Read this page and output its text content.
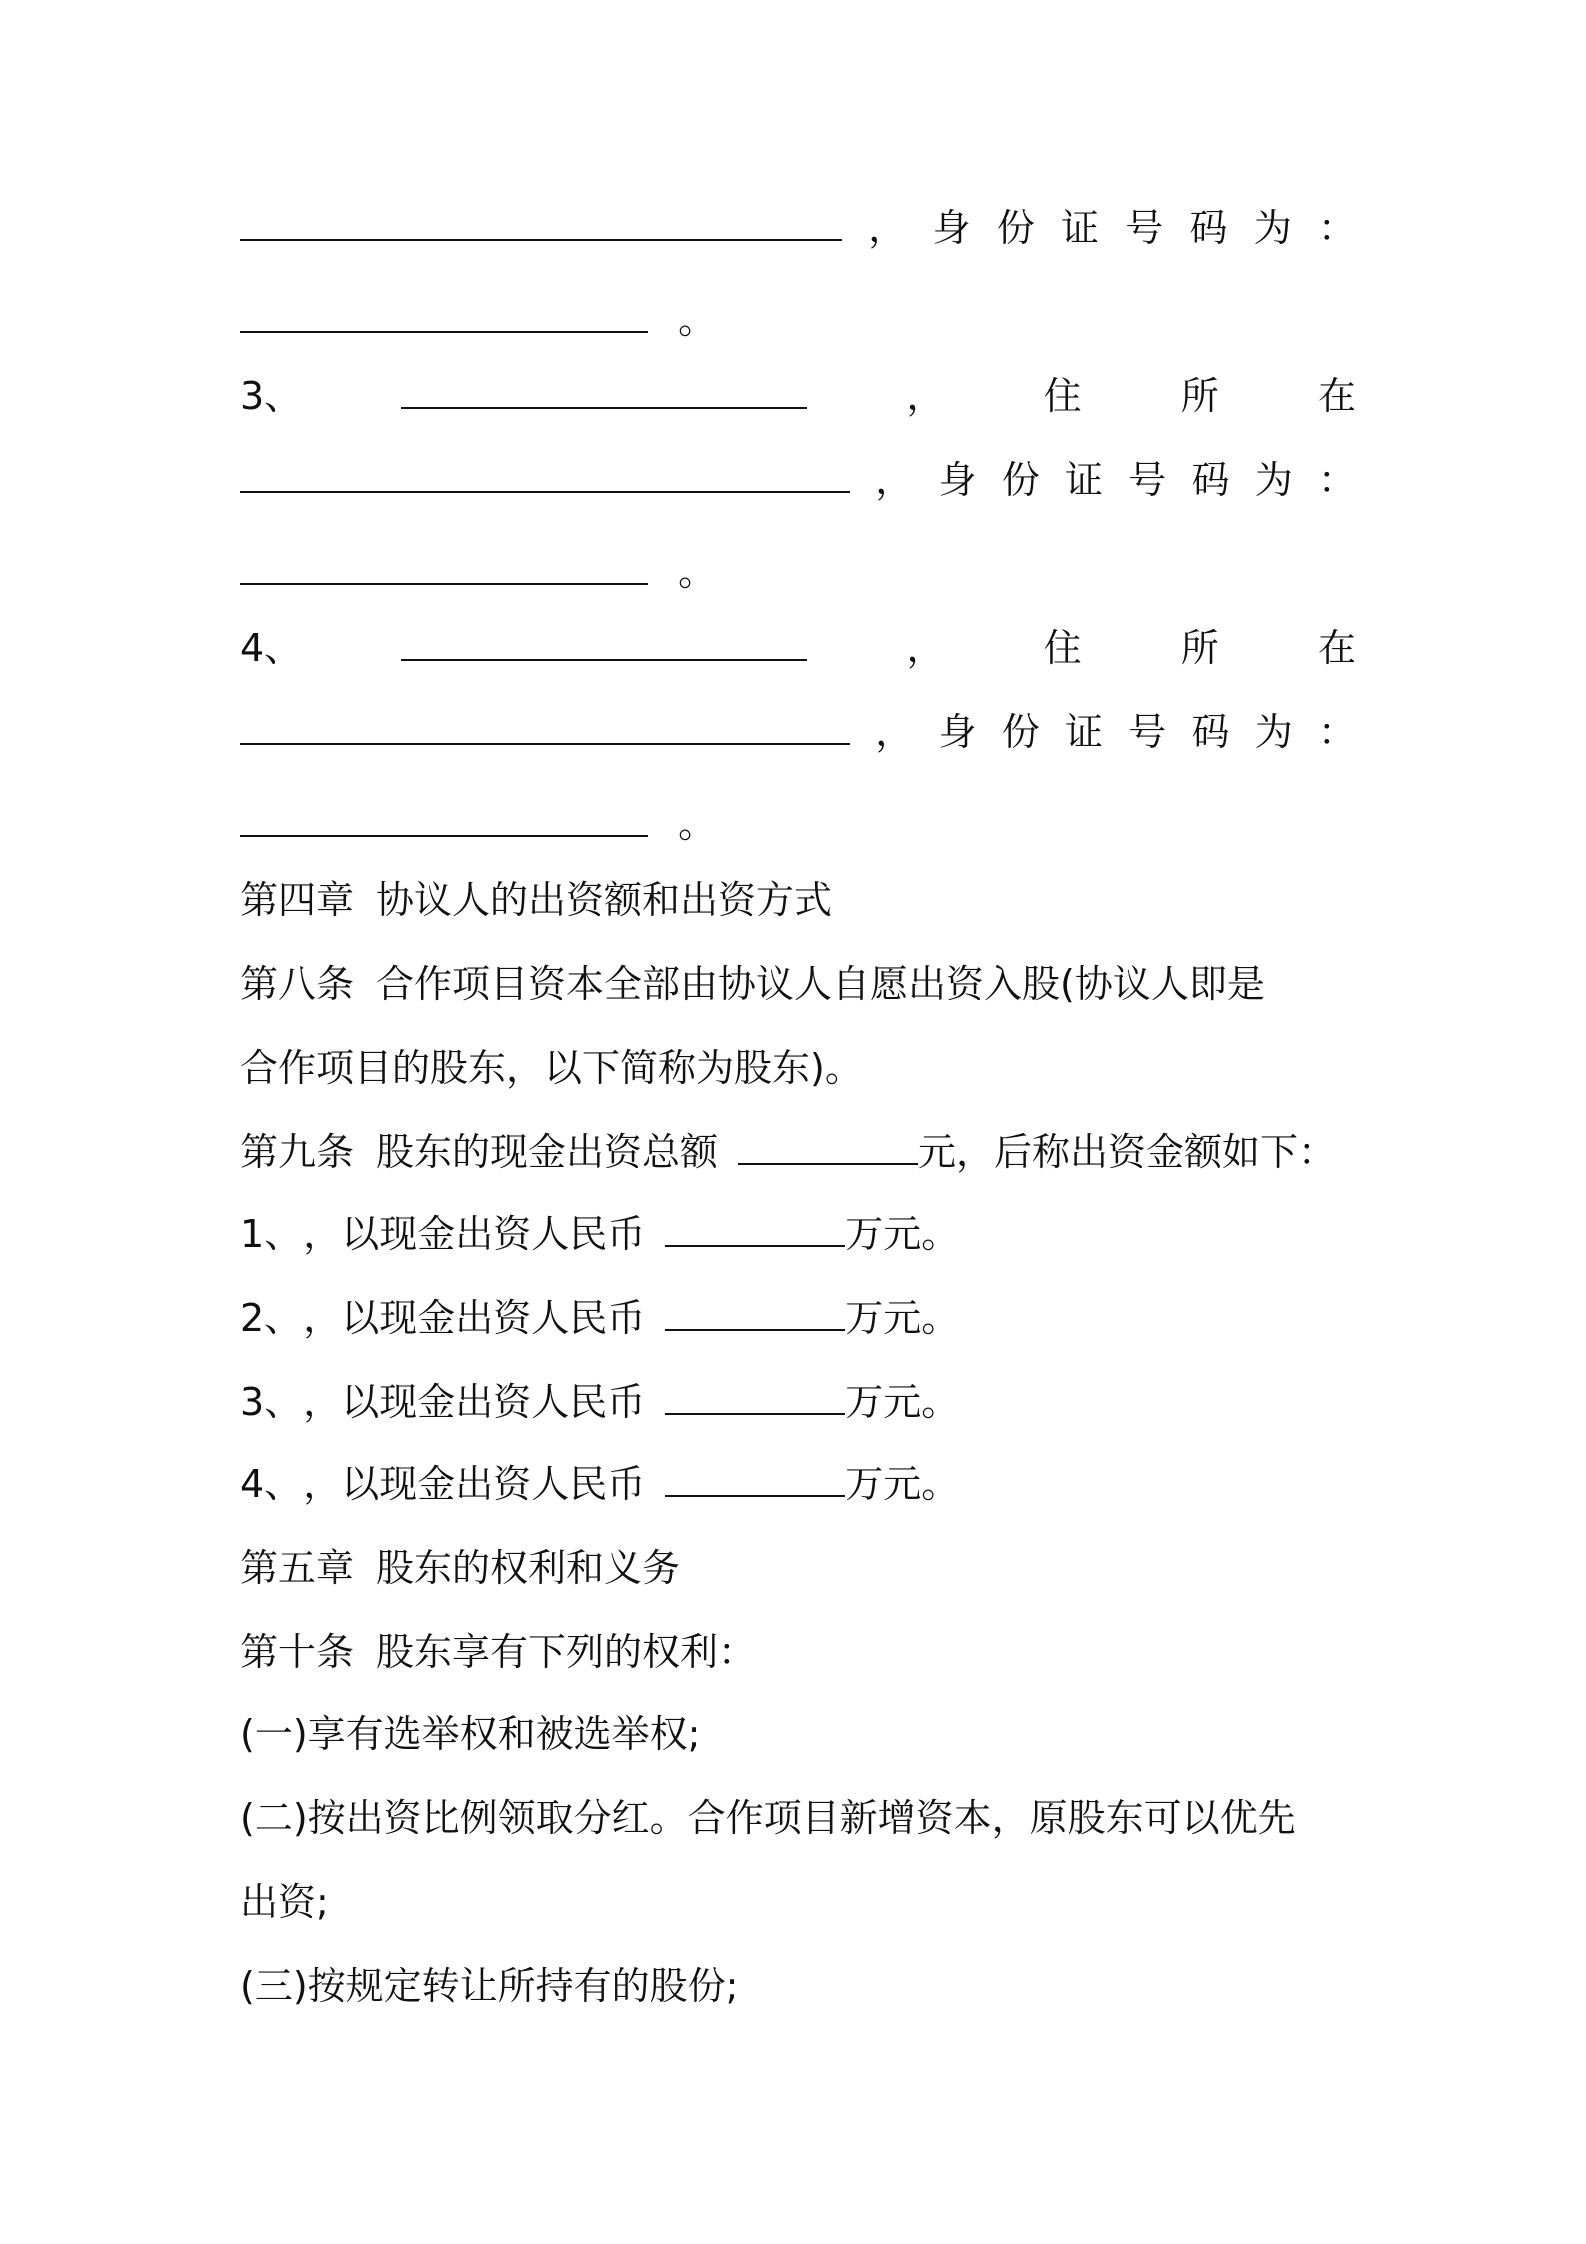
， 身 份 证 号 码 为 ：
。
3、	，	住	所	在
， 身 份 证 号 码 为 ：
。
4、	，	住	所	在
， 身 份 证 号 码 为 ：
。
第四章 协议人的出资额和出资方式
第八条 合作项目资本全部由协议人自愿出资入股(协议人即是
合作项目的股东，以下简称为股东)。
第九条 股东的现金出资总额	元，后称出资金额如下：
1、 ，以现金出资人民币	万元。
2、 ，以现金出资人民币	万元。
3、 ，以现金出资人民币	万元。
4、 ，以现金出资人民币	万元。
第五章 股东的权利和义务
第十条 股东享有下列的权利：
(一)享有选举权和被选举权;
(二)按出资比例领取分红。合作项目新增资本，原股东可以优先
出资;
(三)按规定转让所持有的股份;
